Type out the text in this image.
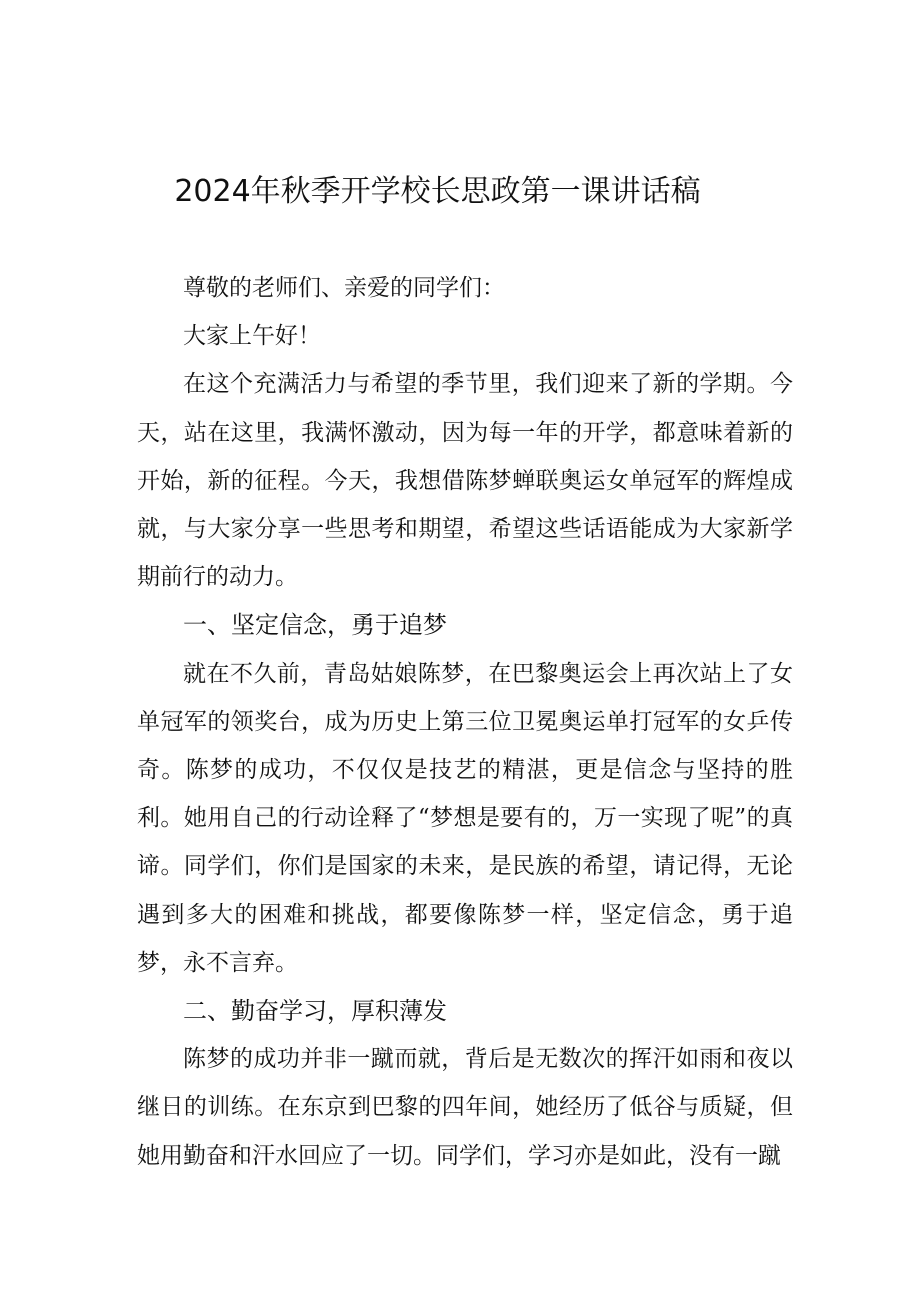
2024年秋季开学校长思政第一课讲话稿

尊敬的老师们、亲爱的同学们：

大家上午好！

在这个充满活力与希望的季节里，我们迎来了新的学期。今天，站在这里，我满怀激动，因为每一年的开学，都意味着新的开始，新的征程。今天，我想借陈梦蝉联奥运女单冠军的辉煌成就，与大家分享一些思考和期望，希望这些话语能成为大家新学期前行的动力。

一、坚定信念，勇于追梦

就在不久前，青岛姑娘陈梦，在巴黎奥运会上再次站上了女单冠军的领奖台，成为历史上第三位卫冕奥运单打冠军的女乒传奇。陈梦的成功，不仅仅是技艺的精湛，更是信念与坚持的胜利。她用自己的行动诠释了“梦想是要有的，万一实现了呢”的真谛。同学们，你们是国家的未来，是民族的希望，请记得，无论遇到多大的困难和挑战，都要像陈梦一样，坚定信念，勇于追梦，永不言弃。

二、勤奋学习，厚积薄发

陈梦的成功并非一蹴而就，背后是无数次的挥汗如雨和夜以继日的训练。在东京到巴黎的四年间，她经历了低谷与质疑，但她用勤奋和汗水回应了一切。同学们，学习亦是如此，没有一蹴
